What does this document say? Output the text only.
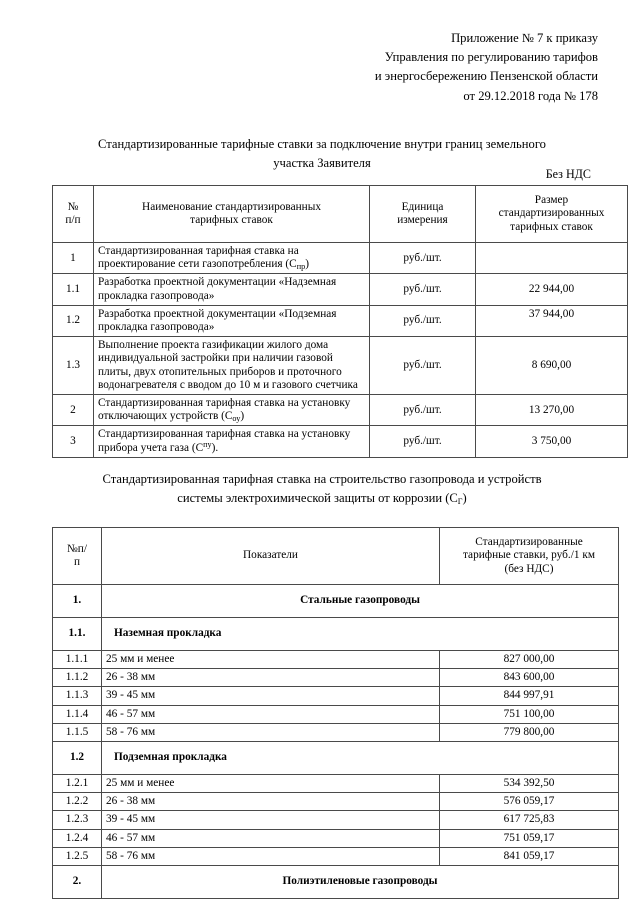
Приложение № 7 к приказу
Управления по регулированию тарифов
и энергосбережению Пензенской области
от 29.12.2018 года № 178
Стандартизированные тарифные ставки за подключение внутри границ земельного
участка Заявителя
Без НДС
№
п/п

Наименование стандартизированных
тарифных ставок

Единица
измерения

Размер
стандартизированных
тарифных ставок

1	Стандартизированная тарифная ставка на проектирование сети газопотребления $(С_{пр})$	руб./шт.	
1.1	Разработка проектной документации «Надземная прокладка газопровода»	руб./шт.	22 944,00
1.2	Разработка проектной документации «Подземная прокладка газопровода»	руб./шт.	37 944,00
1.3	Выполнение проекта газификации жилого дома индивидуальной застройки при наличии газовой плиты, двух отопительных приборов и проточного водонагревателя с вводом до 10 м и газового счетчика	руб./шт.	8 690,00
2	Стандартизированная тарифная ставка на установку отключающих устройств $(С_{оу})$	руб./шт.	13 270,00
3	Стандартизированная тарифная ставка на установку прибора учета газа $(С^{пу})$.	руб./шт.	3 750,00
Стандартизированная тарифная ставка на строительство газопровода и устройств
системы электрохимической защиты от коррозии $(С_Г)$
№п/
п
	Показатели	
Стандартизированные
тарифные ставки, руб./1 км
(без НДС)

1.	Стальные газопроводы	
1.1.	Наземная прокладка	
1.1.1	25 мм и менее	827 000,00
1.1.2	26 - 38 мм	843 600,00
1.1.3	39 - 45 мм	844 997,91
1.1.4	46 - 57 мм	751 100,00
1.1.5	58 - 76 мм	779 800,00
1.2	Подземная прокладка	
1.2.1	25 мм и менее	534 392,50
1.2.2	26 - 38 мм	576 059,17
1.2.3	39 - 45 мм	617 725,83
1.2.4	46 - 57 мм	751 059,17
1.2.5	58 - 76 мм	841 059,17
2.	Полиэтиленовые газопроводы	
